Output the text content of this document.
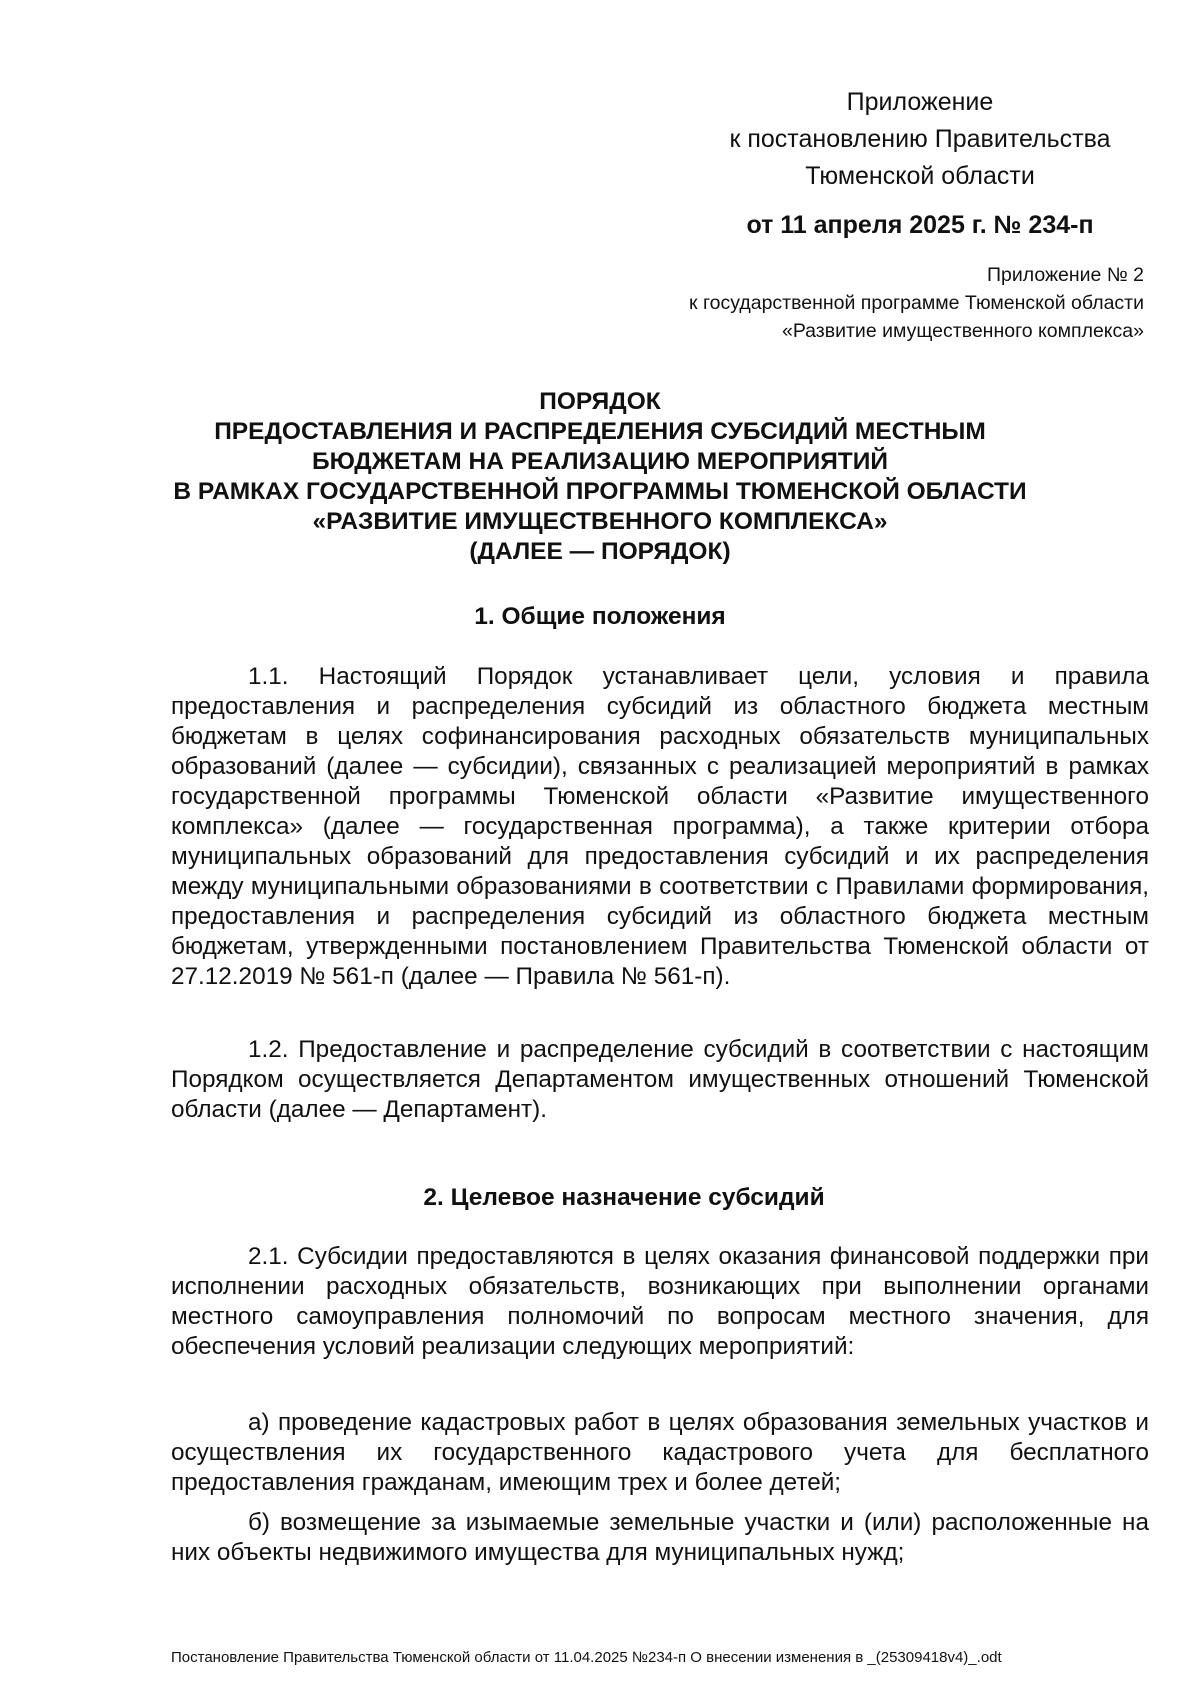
Приложение
к постановлению Правительства
Тюменской области
от 11 апреля 2025 г. № 234-п
Приложение № 2
к государственной программе Тюменской области
«Развитие имущественного комплекса»
ПОРЯДОК
ПРЕДОСТАВЛЕНИЯ И РАСПРЕДЕЛЕНИЯ СУБСИДИЙ МЕСТНЫМ
БЮДЖЕТАМ НА РЕАЛИЗАЦИЮ МЕРОПРИЯТИЙ
В РАМКАХ ГОСУДАРСТВЕННОЙ ПРОГРАММЫ ТЮМЕНСКОЙ ОБЛАСТИ
«РАЗВИТИЕ ИМУЩЕСТВЕННОГО КОМПЛЕКСА»
(ДАЛЕЕ — ПОРЯДОК)
1. Общие положения

1.1. Настоящий Порядок устанавливает цели, условия и правила предоставления и распределения субсидий из областного бюджета местным бюджетам в целях софинансирования расходных обязательств муниципальных образований (далее — субсидии), связанных с реализацией мероприятий в рамках государственной программы Тюменской области «Развитие имущественного комплекса» (далее — государственная программа), а также критерии отбора муниципальных образований для предоставления субсидий и их распределения между муниципальными образованиями в соответствии с Правилами формирования, предоставления и распределения субсидий из областного бюджета местным бюджетам, утвержденными постановлением Правительства Тюменской области от 27.12.2019 № 561-п (далее — Правила № 561-п).

1.2. Предоставление и распределение субсидий в соответствии с настоящим Порядком осуществляется Департаментом имущественных отношений Тюменской области (далее — Департамент).

2. Целевое назначение субсидий

2.1. Субсидии предоставляются в целях оказания финансовой поддержки при исполнении расходных обязательств, возникающих при выполнении органами местного самоуправления полномочий по вопросам местного значения, для обеспечения условий реализации следующих мероприятий:

а) проведение кадастровых работ в целях образования земельных участков и осуществления их государственного кадастрового учета для бесплатного предоставления гражданам, имеющим трех и более детей;

б) возмещение за изымаемые земельные участки и (или) расположенные на них объекты недвижимого имущества для муниципальных нужд;

Постановление Правительства Тюменской области от 11.04.2025 №234-п О внесении изменения в _(25309418v4)_.odt
